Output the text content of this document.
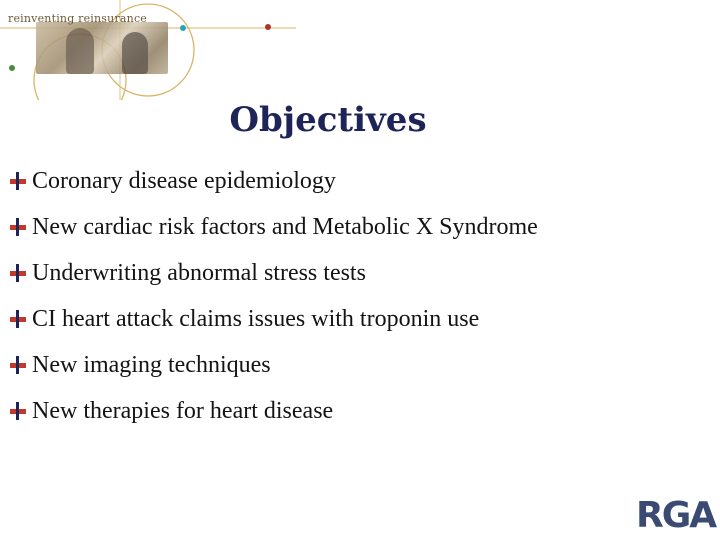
reinventing reinsurance
Objectives
Coronary disease epidemiology
New cardiac risk factors and Metabolic X Syndrome
Underwriting abnormal stress tests
CI heart attack claims issues with troponin use
New imaging techniques
New therapies for heart disease
RGA
